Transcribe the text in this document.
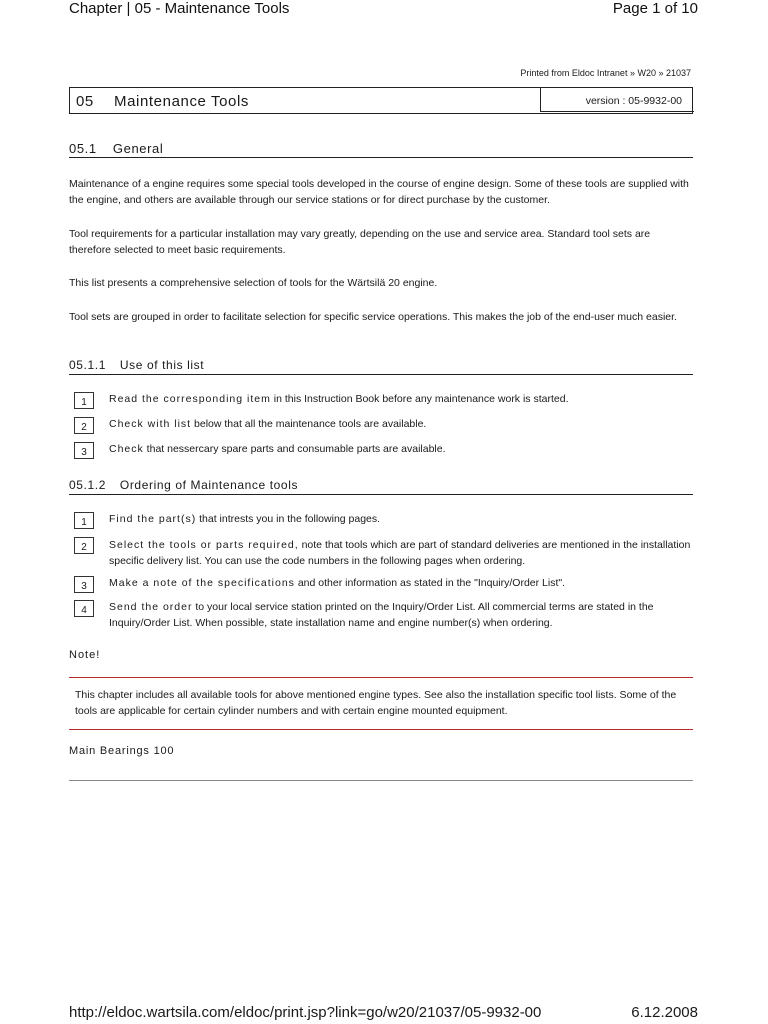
Chapter | 05 - Maintenance Tools	Page 1 of 10
Printed from Eldoc Intranet » W20 » 21037
05 Maintenance Tools	version : 05-9932-00
05.1 General
Maintenance of a engine requires some special tools developed in the course of engine design. Some of these tools are supplied with the engine, and others are available through our service stations or for direct purchase by the customer.
Tool requirements for a particular installation may vary greatly, depending on the use and service area. Standard tool sets are therefore selected to meet basic requirements.
This list presents a comprehensive selection of tools for the Wärtsilä 20 engine.
Tool sets are grouped in order to facilitate selection for specific service operations. This makes the job of the end-user much easier.
05.1.1 Use of this list
1	Read the corresponding item in this Instruction Book before any maintenance work is started.
2	Check with list below that all the maintenance tools are available.
3	Check that nessercary spare parts and consumable parts are available.
05.1.2 Ordering of Maintenance tools
1	Find the part(s) that intrests you in the following pages.
2	Select the tools or parts required, note that tools which are part of standard deliveries are mentioned in the installation specific delivery list. You can use the code numbers in the following pages when ordering.
3	Make a note of the specifications and other information as stated in the "Inquiry/Order List".
4	Send the order to your local service station printed on the Inquiry/Order List. All commercial terms are stated in the Inquiry/Order List. When possible, state installation name and engine number(s) when ordering.
Note!
This chapter includes all available tools for above mentioned engine types. See also the installation specific tool lists. Some of the tools are applicable for certain cylinder numbers and with certain engine mounted equipment.
Main Bearings 100
http://eldoc.wartsila.com/eldoc/print.jsp?link=go/w20/21037/05-9932-00	6.12.2008
